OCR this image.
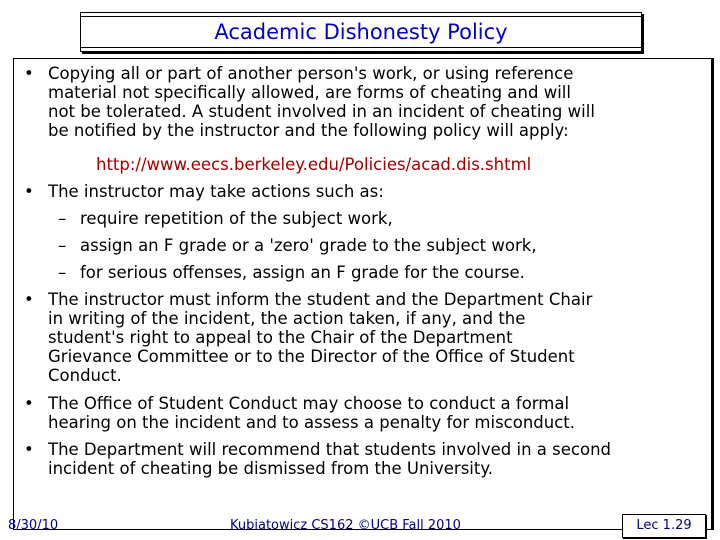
Academic Dishonesty Policy
• Copying all or part of another person's work, or using reference
material not specifically allowed, are forms of cheating and will
not be tolerated. A student involved in an incident of cheating will
be notified by the instructor and the following policy will apply:
http://www.eecs.berkeley.edu/Policies/acad.dis.shtml
• The instructor may take actions such as:
– require repetition of the subject work,
– assign an F grade or a 'zero' grade to the subject work,
– for serious offenses, assign an F grade for the course.
• The instructor must inform the student and the Department Chair
in writing of the incident, the action taken, if any, and the
student's right to appeal to the Chair of the Department
Grievance Committee or to the Director of the Office of Student
Conduct.
• The Office of Student Conduct may choose to conduct a formal
hearing on the incident and to assess a penalty for misconduct.
• The Department will recommend that students involved in a second
incident of cheating be dismissed from the University.
8/30/10	Kubiatowicz CS162 ©UCB Fall 2010	Lec 1.29
